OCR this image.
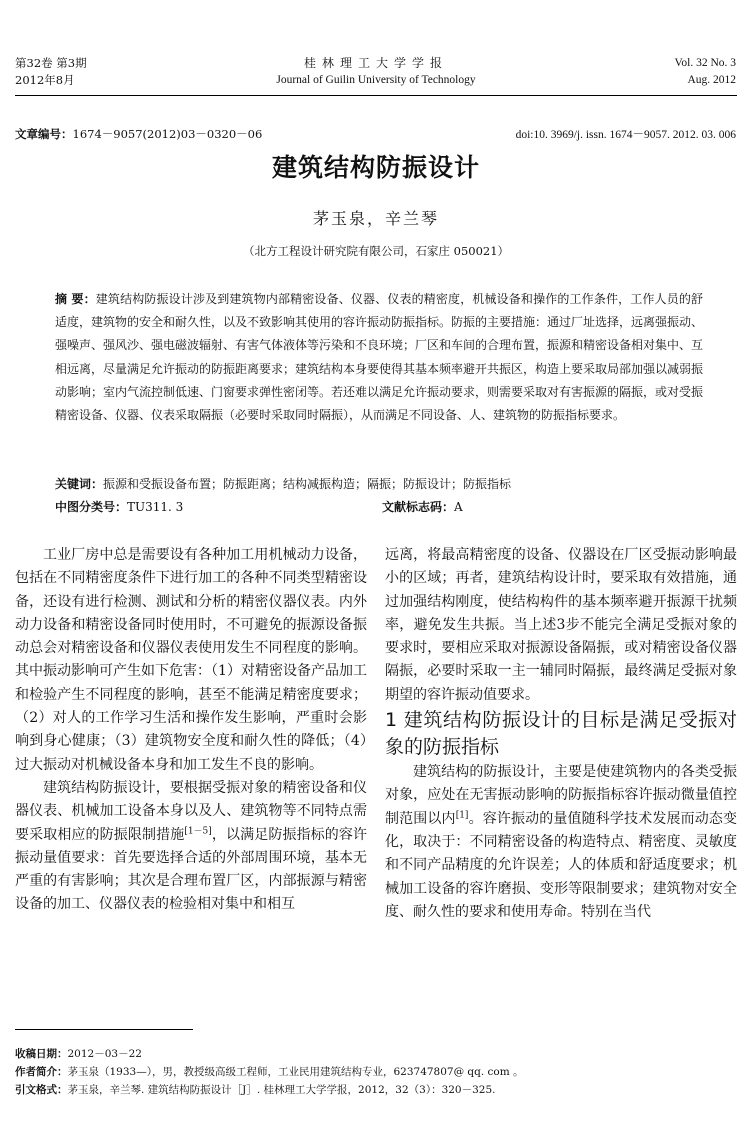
第32卷 第3期
2012年8月
桂林理工大学学报
Journal of Guilin University of Technology
Vol. 32 No. 3
Aug. 2012
文章编号：1674－9057(2012)03－0320－06	doi:10. 3969/j. issn. 1674－9057. 2012. 03. 006
建筑结构防振设计
茅玉泉，辛兰琴
（北方工程设计研究院有限公司，石家庄 050021）
摘 要：建筑结构防振设计涉及到建筑物内部精密设备、仪器、仪表的精密度，机械设备和操作的工作条件，工作人员的舒适度，建筑物的安全和耐久性，以及不致影响其使用的容许振动防振指标。防振的主要措施：通过厂址选择，远离强振动、强噪声、强风沙、强电磁波辐射、有害气体液体等污染和不良环境；厂区和车间的合理布置，振源和精密设备相对集中、互相远离，尽量满足允许振动的防振距离要求；建筑结构本身要使得其基本频率避开共振区，构造上要采取局部加强以减弱振动影响；室内气流控制低速、门窗要求弹性密闭等。若还难以满足允许振动要求，则需要采取对有害振源的隔振，或对受振精密设备、仪器、仪表采取隔振（必要时采取同时隔振），从而满足不同设备、人、建筑物的防振指标要求。
关键词：振源和受振设备布置；防振距离；结构减振构造；隔振；防振设计；防振指标
中图分类号：TU311. 3	文献标志码：A

工业厂房中总是需要设有各种加工用机械动力设备，包括在不同精密度条件下进行加工的各种不同类型精密设备，还设有进行检测、测试和分析的精密仪器仪表。内外动力设备和精密设备同时使用时，不可避免的振源设备振动总会对精密设备和仪器仪表使用发生不同程度的影响。其中振动影响可产生如下危害：（1）对精密设备产品加工和检验产生不同程度的影响，甚至不能满足精密度要求；（2）对人的工作学习生活和操作发生影响，严重时会影响到身心健康；（3）建筑物安全度和耐久性的降低；（4）过大振动对机械设备本身和加工发生不良的影响。

建筑结构防振设计，要根据受振对象的精密设备和仪器仪表、机械加工设备本身以及人、建筑物等不同特点需要采取相应的防振限制措施[1－5]，以满足防振指标的容许振动量值要求：首先要选择合适的外部周围环境，基本无严重的有害影响；其次是合理布置厂区，内部振源与精密设备的加工、仪器仪表的检验相对集中和相互

远离，将最高精密度的设备、仪器设在厂区受振动影响最小的区域；再者，建筑结构设计时，要采取有效措施，通过加强结构刚度，使结构构件的基本频率避开振源干扰频率，避免发生共振。当上述3步不能完全满足受振对象的要求时，要相应采取对振源设备隔振，或对精密设备仪器隔振，必要时采取一主一辅同时隔振，最终满足受振对象期望的容许振动值要求。

1 建筑结构防振设计的目标是满足受振对象的防振指标

建筑结构的防振设计，主要是使建筑物内的各类受振对象，应处在无害振动影响的防振指标容许振动微量值控制范围以内[1]。容许振动的量值随科学技术发展而动态变化，取决于：不同精密设备的构造特点、精密度、灵敏度和不同产品精度的允许误差；人的体质和舒适度要求；机械加工设备的容许磨损、变形等限制要求；建筑物对安全度、耐久性的要求和使用寿命。特别在当代

收稿日期：2012－03－22
作者简介：茅玉泉（1933—），男，教授级高级工程师，工业民用建筑结构专业，623747807@ qq. com 。
引文格式：茅玉泉，辛兰琴. 建筑结构防振设计［J］. 桂林理工大学学报，2012，32（3）：320－325.
